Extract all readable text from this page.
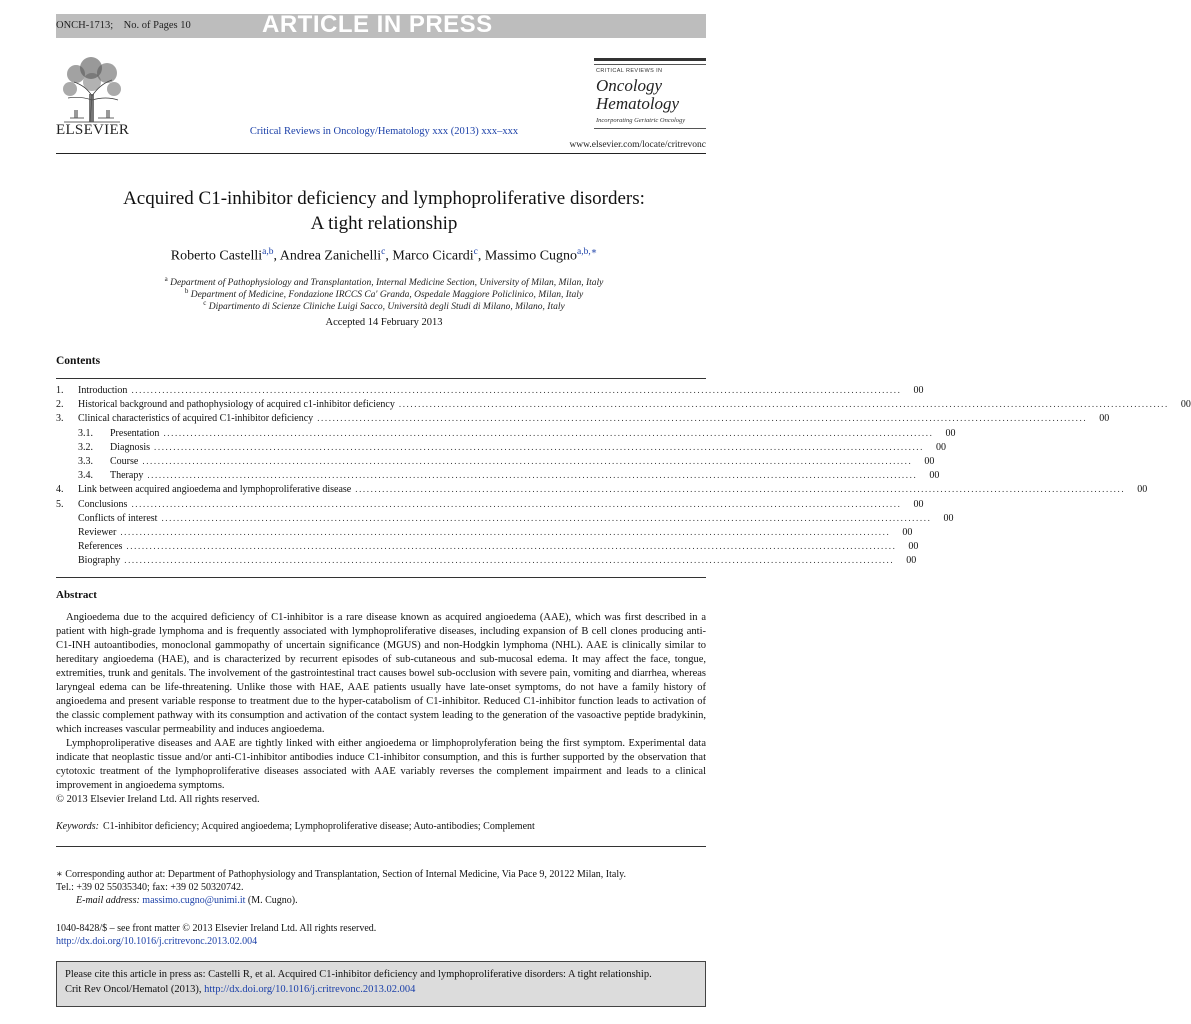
ONCH-1713;    No. of Pages 10	ARTICLE IN PRESS
ELSEVIER	Critical Reviews in Oncology/Hematology xxx (2013) xxx–xxx
CRITICAL REVIEWS IN
Oncology
Hematology
Incorporating Geriatric Oncology
www.elsevier.com/locate/critrevonc
Acquired C1-inhibitor deficiency and lymphoproliferative disorders:
A tight relationship
Roberto Castelli$^{a,b}$, Andrea Zanichelli$^c$, Marco Cicardi$^c$, Massimo Cugno$^{a,b,∗}$
$^a$ Department of Pathophysiology and Transplantation, Internal Medicine Section, University of Milan, Milan, Italy
$^b$ Department of Medicine, Fondazione IRCCS Ca' Granda, Ospedale Maggiore Policlinico, Milan, Italy
$^c$ Dipartimento di Scienze Cliniche Luigi Sacco, Università degli Studi di Milano, Milano, Italy
Accepted 14 February 2013
Contents
1.	Introduction ........................................................................................................................................................................................................	00
2.	Historical background and pathophysiology of acquired c1-inhibitor deficiency ........................................................................................................................................................................................................	00
3.	Clinical characteristics of acquired C1-inhibitor deficiency ........................................................................................................................................................................................................	00
3.1.	Presentation ........................................................................................................................................................................................................	00
3.2.	Diagnosis ........................................................................................................................................................................................................	00
3.3.	Course ........................................................................................................................................................................................................	00
3.4.	Therapy ........................................................................................................................................................................................................	00
4.	Link between acquired angioedema and lymphoproliferative disease ........................................................................................................................................................................................................	00
5.	Conclusions ........................................................................................................................................................................................................	00
Conflicts of interest ........................................................................................................................................................................................................	00
Reviewer ........................................................................................................................................................................................................	00
References ........................................................................................................................................................................................................	00
Biography ........................................................................................................................................................................................................	00
Abstract

Angioedema due to the acquired deficiency of C1-inhibitor is a rare disease known as acquired angioedema (AAE), which was first described in a patient with high-grade lymphoma and is frequently associated with lymphoproliferative diseases, including expansion of B cell clones producing anti-C1-INH autoantibodies, monoclonal gammopathy of uncertain significance (MGUS) and non-Hodgkin lymphoma (NHL). AAE is clinically similar to hereditary angioedema (HAE), and is characterized by recurrent episodes of sub-cutaneous and sub-mucosal edema. It may affect the face, tongue, extremities, trunk and genitals. The involvement of the gastrointestinal tract causes bowel sub-occlusion with severe pain, vomiting and diarrhea, whereas laryngeal edema can be life-threatening. Unlike those with HAE, AAE patients usually have late-onset symptoms, do not have a family history of angioedema and present variable response to treatment due to the hyper-catabolism of C1-inhibitor. Reduced C1-inhibitor function leads to activation of the classic complement pathway with its consumption and activation of the contact system leading to the generation of the vasoactive peptide bradykinin, which increases vascular permeability and induces angioedema.

Lymphoproliperative diseases and AAE are tightly linked with either angioedema or limphoprolyferation being the first symptom. Experimental data indicate that neoplastic tissue and/or anti-C1-inhibitor antibodies induce C1-inhibitor consumption, and this is further supported by the observation that cytotoxic treatment of the lymphoproliferative diseases associated with AAE variably reverses the complement impairment and leads to a clinical improvement in angioedema symptoms.

© 2013 Elsevier Ireland Ltd. All rights reserved.

Keywords: C1-inhibitor deficiency; Acquired angioedema; Lymphoproliferative disease; Auto-antibodies; Complement
∗ Corresponding author at: Department of Pathophysiology and Transplantation, Section of Internal Medicine, Via Pace 9, 20122 Milan, Italy.
Tel.: +39 02 55035340; fax: +39 02 50320742.
E-mail address: massimo.cugno@unimi.it (M. Cugno).
1040-8428/$ – see front matter © 2013 Elsevier Ireland Ltd. All rights reserved.
http://dx.doi.org/10.1016/j.critrevonc.2013.02.004
Please cite this article in press as: Castelli R, et al. Acquired C1-inhibitor deficiency and lymphoproliferative disorders: A tight relationship.
Crit Rev Oncol/Hematol (2013), http://dx.doi.org/10.1016/j.critrevonc.2013.02.004
